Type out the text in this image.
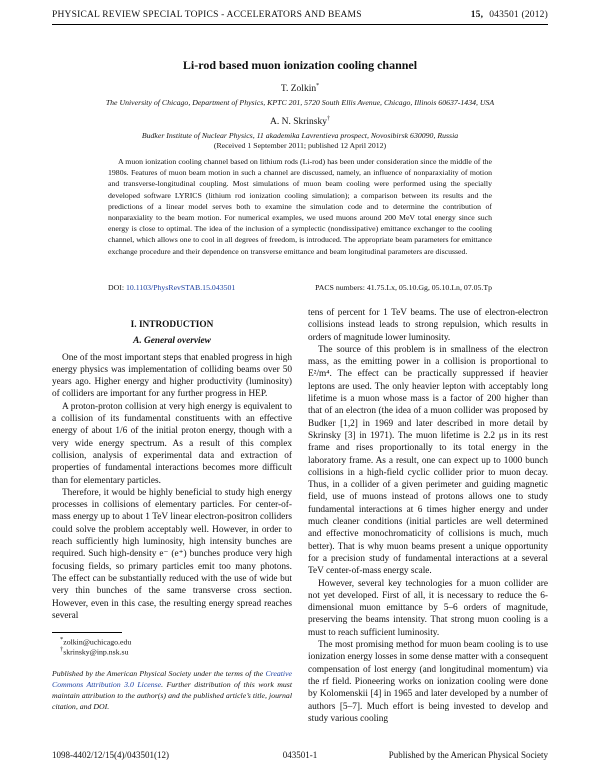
PHYSICAL REVIEW SPECIAL TOPICS - ACCELERATORS AND BEAMS	15, 043501 (2012)
Li-rod based muon ionization cooling channel
T. Zolkin*
The University of Chicago, Department of Physics, KPTC 201, 5720 South Ellis Avenue, Chicago, Illinois 60637-1434, USA
A. N. Skrinsky†
Budker Institute of Nuclear Physics, 11 akademika Lavrentieva prospect, Novosibirsk 630090, Russia
(Received 1 September 2011; published 12 April 2012)
A muon ionization cooling channel based on lithium rods (Li-rod) has been under consideration since the middle of the 1980s. Features of muon beam motion in such a channel are discussed, namely, an influence of nonparaxiality of motion and transverse-longitudinal coupling. Most simulations of muon beam cooling were performed using the specially developed software LYRICS (lithium rod ionization cooling simulation); a comparison between its results and the predictions of a linear model serves both to examine the simulation code and to determine the contribution of nonparaxiality to the beam motion. For numerical examples, we used muons around 200 MeV total energy since such energy is close to optimal. The idea of the inclusion of a symplectic (nondissipative) emittance exchanger to the cooling channel, which allows one to cool in all degrees of freedom, is introduced. The appropriate beam parameters for emittance exchange procedure and their dependence on transverse emittance and beam longitudinal parameters are discussed.
DOI: 10.1103/PhysRevSTAB.15.043501	PACS numbers: 41.75.Lx, 05.10.Gg, 05.10.Ln, 07.05.Tp
I. INTRODUCTION
A. General overview

One of the most important steps that enabled progress in high energy physics was implementation of colliding beams over 50 years ago. Higher energy and higher productivity (luminosity) of colliders are important for any further progress in HEP.

A proton-proton collision at very high energy is equivalent to a collision of its fundamental constituents with an effective energy of about 1/6 of the initial proton energy, though with a very wide energy spectrum. As a result of this complex collision, analysis of experimental data and extraction of properties of fundamental interactions becomes more difficult than for elementary particles.

Therefore, it would be highly beneficial to study high energy processes in collisions of elementary particles. For center-of-mass energy up to about 1 TeV linear electron-positron colliders could solve the problem acceptably well. However, in order to reach sufficiently high luminosity, high intensity bunches are required. Such high-density e⁻ (e⁺) bunches produce very high focusing fields, so primary particles emit too many photons. The effect can be substantially reduced with the use of wide but very thin bunches of the same transverse cross section. However, even in this case, the resulting energy spread reaches several

tens of percent for 1 TeV beams. The use of electron-electron collisions instead leads to strong repulsion, which results in orders of magnitude lower luminosity.

The source of this problem is in smallness of the electron mass, as the emitting power in a collision is proportional to E²/m⁴. The effect can be practically suppressed if heavier leptons are used. The only heavier lepton with acceptably long lifetime is a muon whose mass is a factor of 200 higher than that of an electron (the idea of a muon collider was proposed by Budker [1,2] in 1969 and later described in more detail by Skrinsky [3] in 1971). The muon lifetime is 2.2 μs in its rest frame and rises proportionally to its total energy in the laboratory frame. As a result, one can expect up to 1000 bunch collisions in a high-field cyclic collider prior to muon decay. Thus, in a collider of a given perimeter and guiding magnetic field, use of muons instead of protons allows one to study fundamental interactions at 6 times higher energy and under much cleaner conditions (initial particles are well determined and effective monochromaticity of collisions is much, much better). That is why muon beams present a unique opportunity for a precision study of fundamental interactions at a several TeV center-of-mass energy scale.

However, several key technologies for a muon collider are not yet developed. First of all, it is necessary to reduce the 6-dimensional muon emittance by 5–6 orders of magnitude, preserving the beams intensity. That strong muon cooling is a must to reach sufficient luminosity.

The most promising method for muon beam cooling is to use ionization energy losses in some dense matter with a consequent compensation of lost energy (and longitudinal momentum) via the rf field. Pioneering works on ionization cooling were done by Kolomenskii [4] in 1965 and later developed by a number of authors [5–7]. Much effort is being invested to develop and study various cooling

*zolkin@uchicago.edu
†skrinsky@inp.nsk.su
Published by the American Physical Society under the terms of the Creative Commons Attribution 3.0 License. Further distribution of this work must maintain attribution to the author(s) and the published article’s title, journal citation, and DOI.
1098-4402/12/15(4)/043501(12)	043501-1	Published by the American Physical Society
